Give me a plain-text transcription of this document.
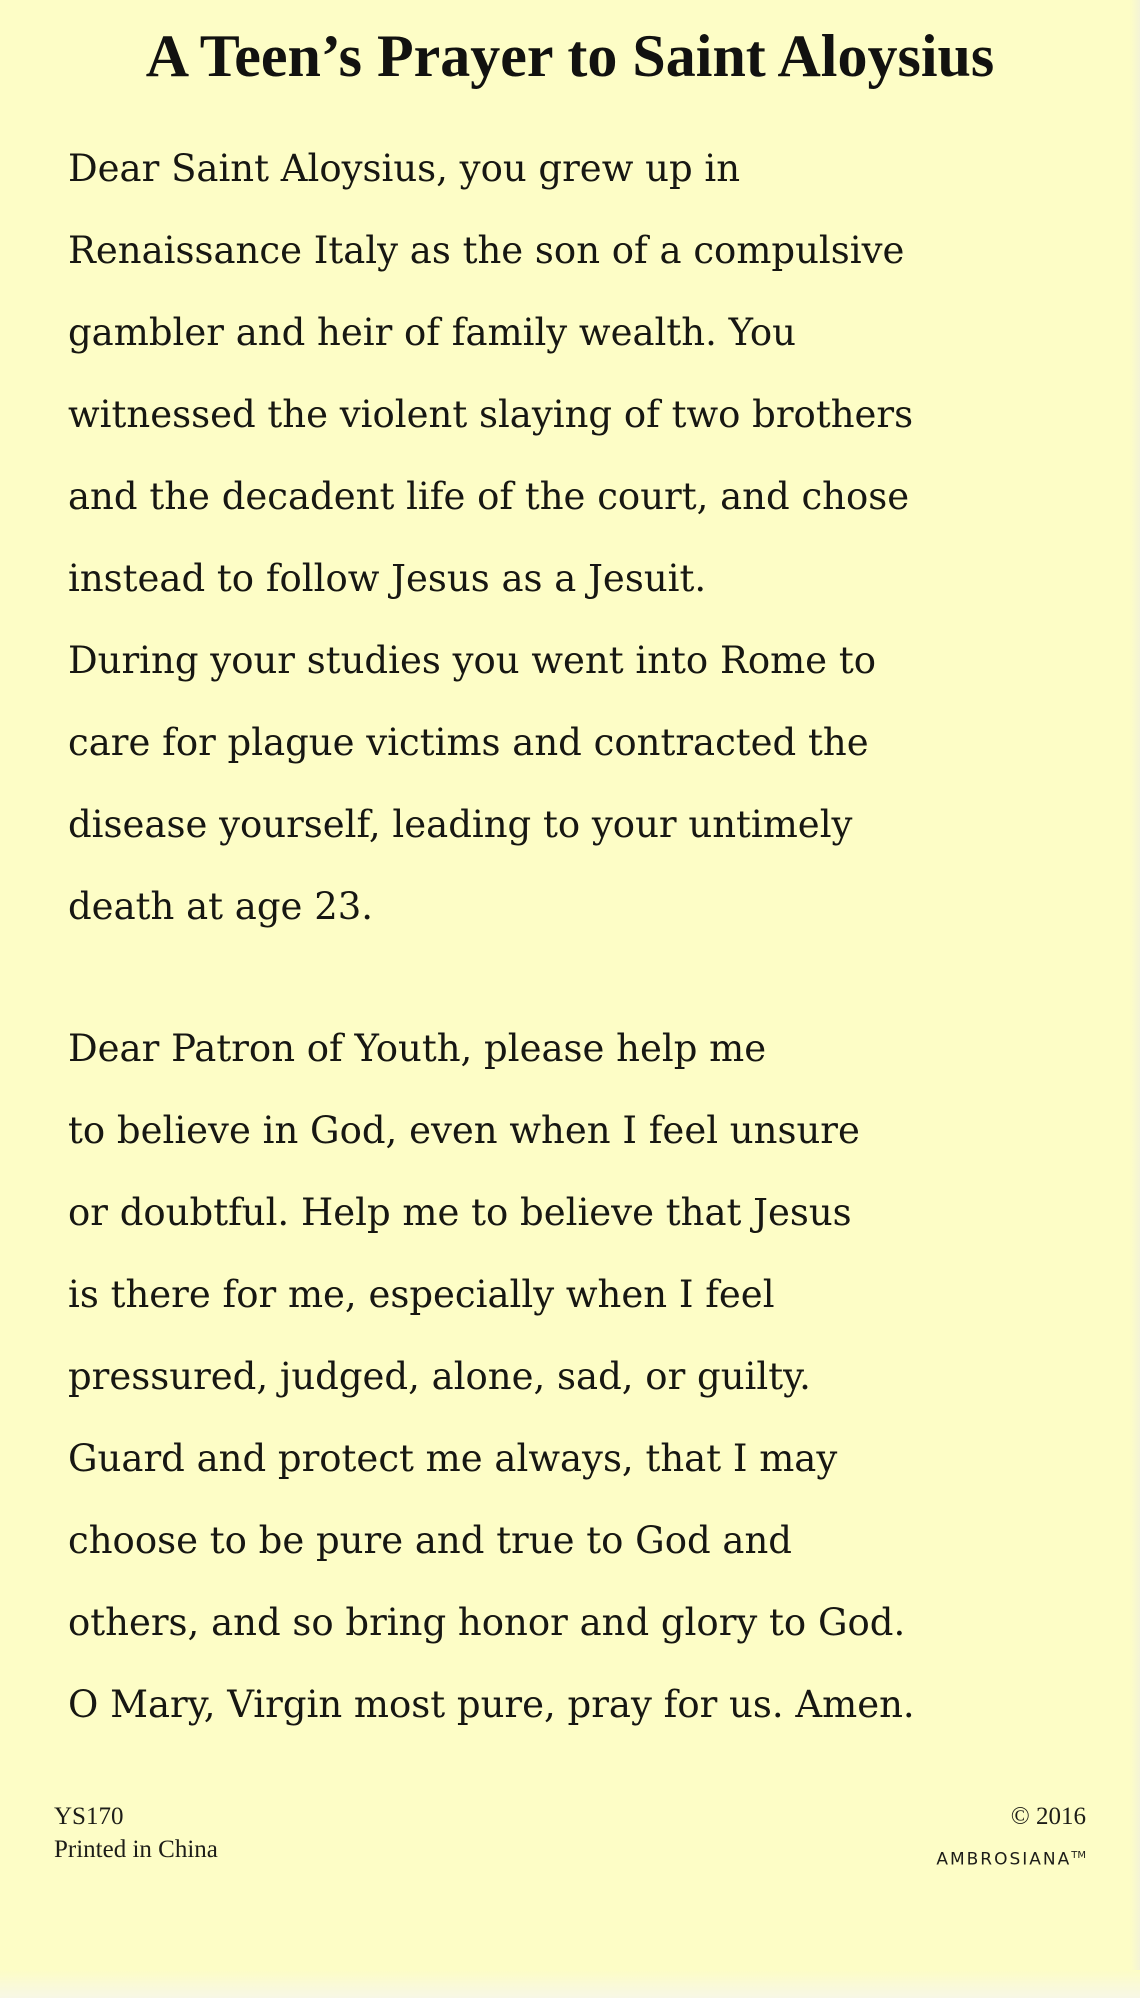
A Teen’s Prayer to Saint Aloysius
Dear Saint Aloysius, you grew up in
Renaissance Italy as the son of a compulsive
gambler and heir of family wealth. You
witnessed the violent slaying of two brothers
and the decadent life of the court, and chose
instead to follow Jesus as a Jesuit.
During your studies you went into Rome to
care for plague victims and contracted the
disease yourself, leading to your untimely
death at age 23.
Dear Patron of Youth, please help me
to believe in God, even when I feel unsure
or doubtful. Help me to believe that Jesus
is there for me, especially when I feel
pressured, judged, alone, sad, or guilty.
Guard and protect me always, that I may
choose to be pure and true to God and
others, and so bring honor and glory to God.
O Mary, Virgin most pure, pray for us. Amen.
YS170
Printed in China
© 2016
AMBROSIANA™
